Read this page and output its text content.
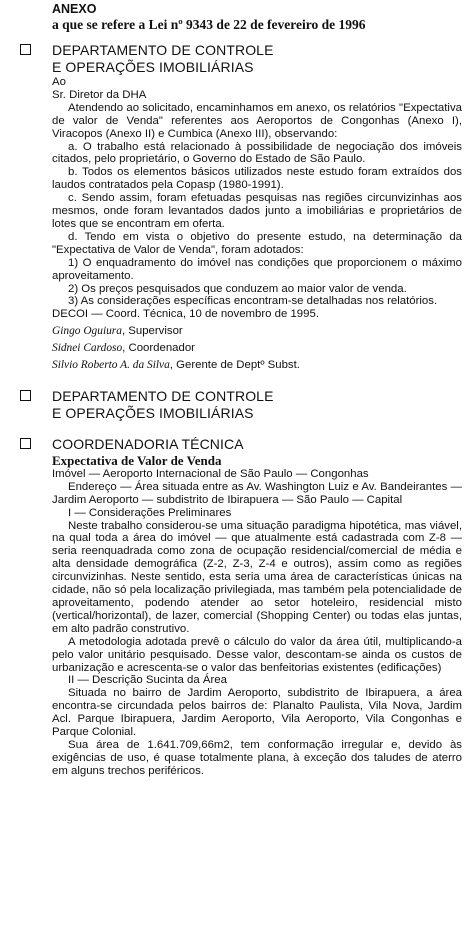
ANEXO
a que se refere a Lei nº 9343 de 22 de fevereiro de 1996
DEPARTAMENTO DE CONTROLE
E OPERAÇÕES IMOBILIÁRIAS

Ao

Sr. Diretor da DHA

Atendendo ao solicitado, encaminhamos em anexo, os relatórios "Expectativa de valor de Venda" referentes aos Aeroportos de Congonhas (Anexo I), Viracopos (Anexo II) e Cumbica (Anexo III), observando:

a. O trabalho está relacionado à possibilidade de negociação dos imóveis citados, pelo proprietário, o Governo do Estado de São Paulo.

b. Todos os elementos básicos utilizados neste estudo foram extraídos dos laudos contratados pela Copasp (1980-1991).

c. Sendo assim, foram efetuadas pesquisas nas regiões circunvizinhas aos mesmos, onde foram levantados dados junto a imobiliárias e proprietários de lotes que se encontram em oferta.

d. Tendo em vista o objetivo do presente estudo, na determinação da "Expectativa de Valor de Venda", foram adotados:

1) O enquadramento do imóvel nas condições que proporcionem o máximo aproveitamento.

2) Os preços pesquisados que conduzem ao maior valor de venda.

3) As considerações específicas encontram-se detalhadas nos relatórios.

DECOI — Coord. Técnica, 10 de novembro de 1995.

Gingo Oguiura, Supervisor

Sidnei Cardoso, Coordenador

Silvio Roberto A. da Silva, Gerente de Deptº Subst.

DEPARTAMENTO DE CONTROLE
E OPERAÇÕES IMOBILIÁRIAS
COORDENADORIA TÉCNICA
Expectativa de Valor de Venda

Imóvel — Aeroporto Internacional de São Paulo — Congonhas

Endereço — Área situada entre as Av. Washington Luiz e Av. Bandeirantes — Jardim Aeroporto — subdistrito de Ibirapuera — São Paulo — Capital

I — Considerações Preliminares

Neste trabalho considerou-se uma situação paradigma hipotética, mas viável, na qual toda a área do imóvel — que atualmente está cadastrada com Z-8 — seria reenquadrada como zona de ocupação residencial/comercial de média e alta densidade demográfica (Z-2, Z-3, Z-4 e outros), assim como as regiões circunvizinhas. Neste sentido, esta seria uma área de características únicas na cidade, não só pela localização privilegiada, mas também pela potencialidade de aproveitamento, podendo atender ao setor hoteleiro, residencial misto (vertical/horizontal), de lazer, comercial (Shopping Center) ou todas elas juntas, em alto padrão construtivo.

A metodologia adotada prevê o cálculo do valor da área útil, multiplicando-a pelo valor unitário pesquisado. Desse valor, descontam-se ainda os custos de urbanização e acrescenta-se o valor das benfeitorias existentes (edificações)

II — Descrição Sucinta da Área

Situada no bairro de Jardim Aeroporto, subdistrito de Ibirapuera, a área encontra-se circundada pelos bairros de: Planalto Paulista, Vila Nova, Jardim Acl. Parque Ibirapuera, Jardim Aeroporto, Vila Aeroporto, Vila Congonhas e Parque Colonial.

Sua área de 1.641.709,66m2, tem conformação irregular e, devido às exigências de uso, é quase totalmente plana, à exceção dos taludes de aterro em alguns trechos periféricos.
